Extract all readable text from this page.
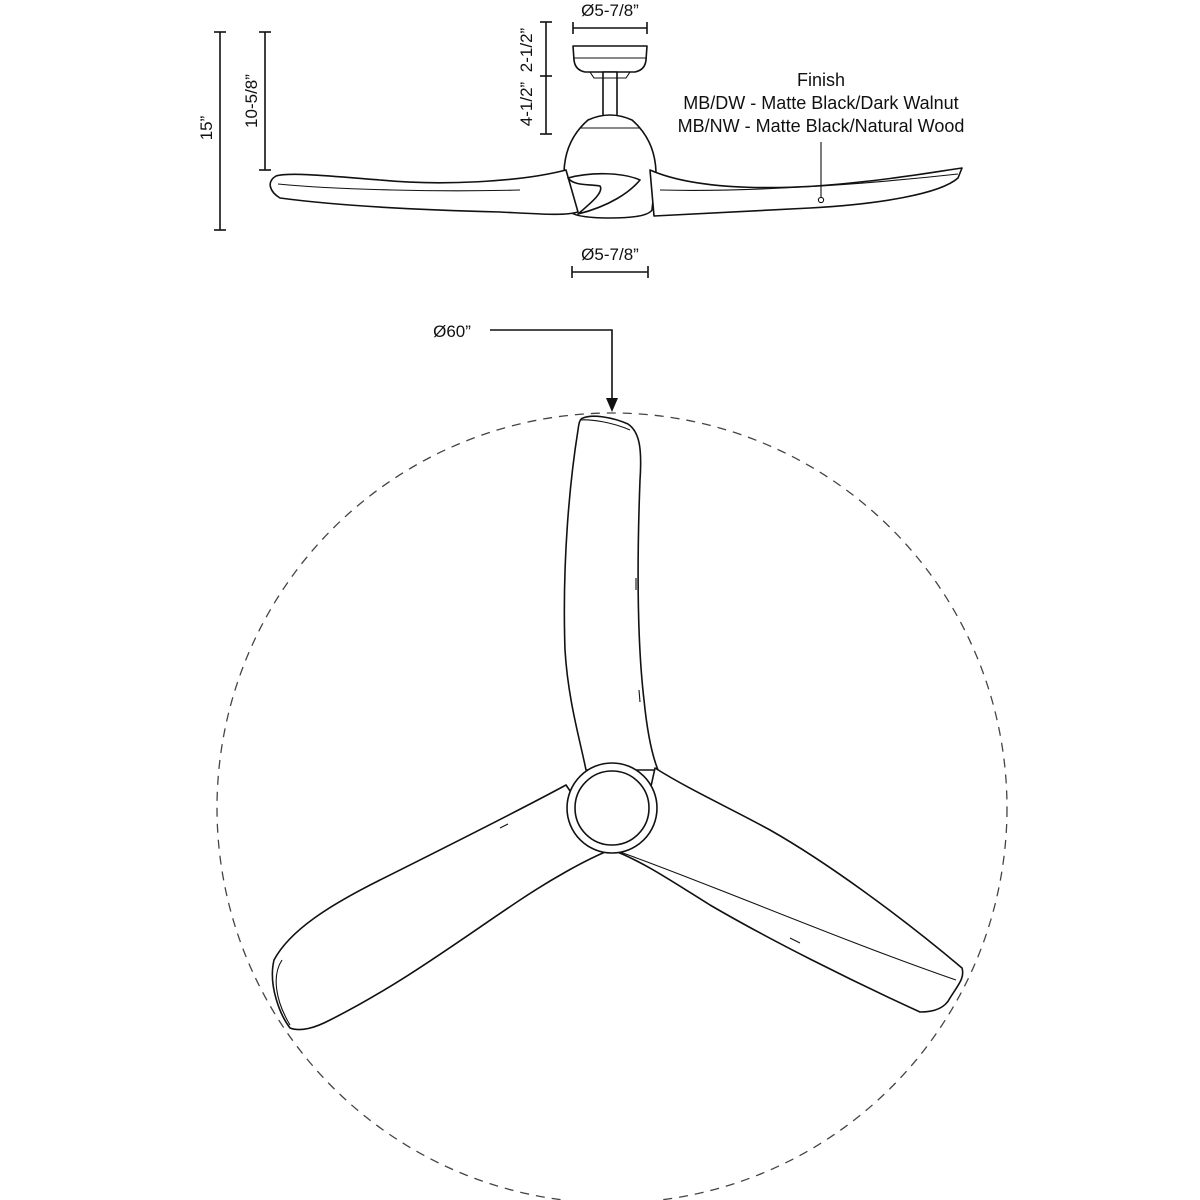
15”
10-5/8”
2-1/2”
4-1/2”
Ø5-7/8”
Ø5-7/8”
Finish
MB/DW - Matte Black/Dark Walnut
MB/NW - Matte Black/Natural Wood
Ø60”
